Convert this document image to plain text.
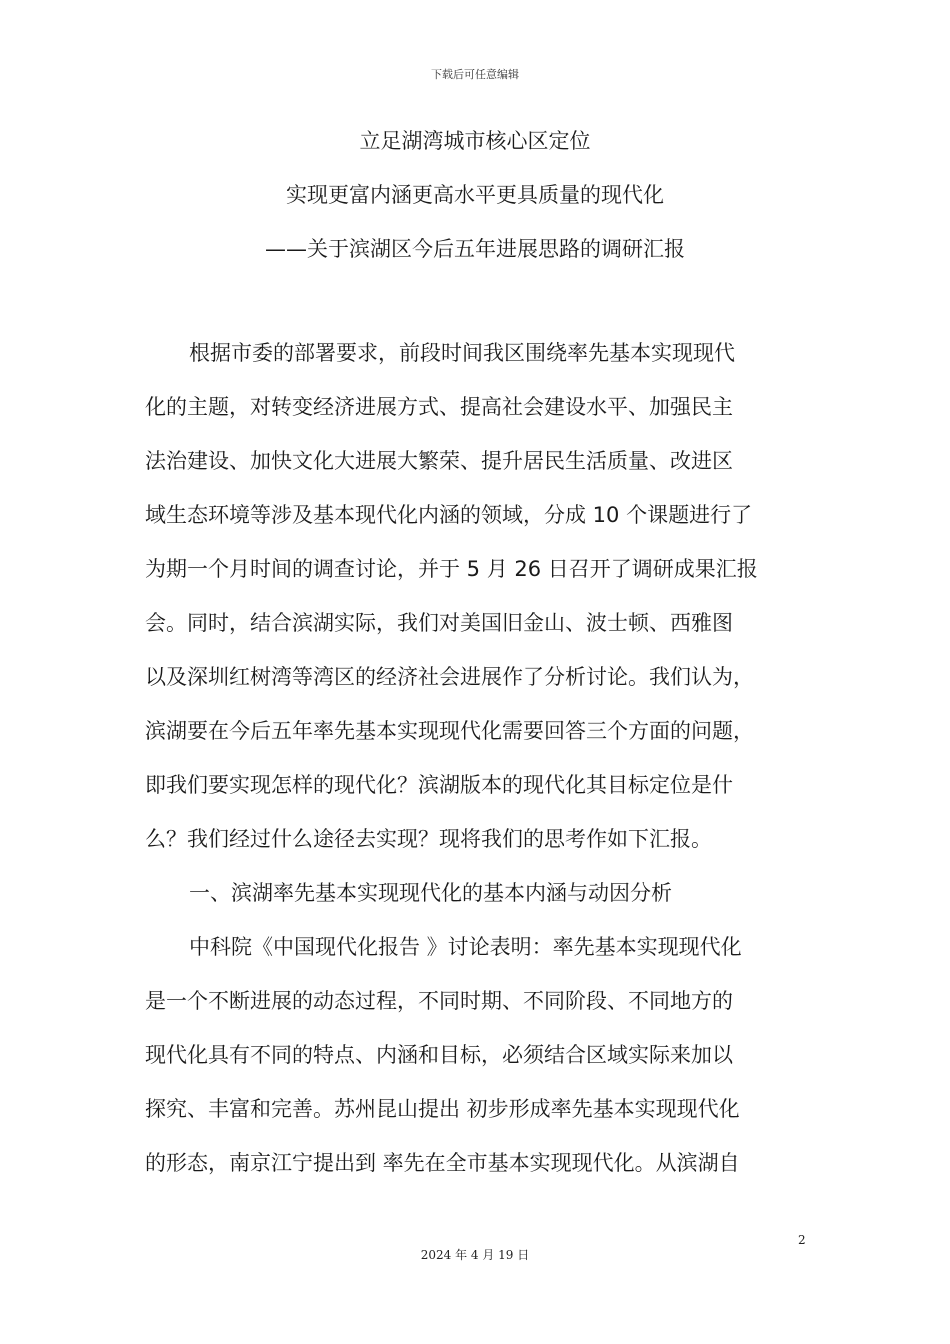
下载后可任意编辑
立足湖湾城市核心区定位
实现更富内涵更高水平更具质量的现代化
——关于滨湖区今后五年进展思路的调研汇报
根据市委的部署要求，前段时间我区围绕率先基本实现现代
化的主题，对转变经济进展方式、提高社会建设水平、加强民主
法治建设、加快文化大进展大繁荣、提升居民生活质量、改进区
域生态环境等涉及基本现代化内涵的领域，分成 10 个课题进行了
为期一个月时间的调查讨论，并于 5 月 26 日召开了调研成果汇报
会。同时，结合滨湖实际，我们对美国旧金山、波士顿、西雅图
以及深圳红树湾等湾区的经济社会进展作了分析讨论。我们认为，
滨湖要在今后五年率先基本实现现代化需要回答三个方面的问题，
即我们要实现怎样的现代化？滨湖版本的现代化其目标定位是什
么？我们经过什么途径去实现？现将我们的思考作如下汇报。
一、滨湖率先基本实现现代化的基本内涵与动因分析
中科院《中国现代化报告 》讨论表明：率先基本实现现代化
是一个不断进展的动态过程，不同时期、不同阶段、不同地方的
现代化具有不同的特点、内涵和目标，必须结合区域实际来加以
探究、丰富和完善。苏州昆山提出 初步形成率先基本实现现代化
的形态，南京江宁提出到 率先在全市基本实现现代化。从滨湖自
2
2024 年 4 月 19 日
